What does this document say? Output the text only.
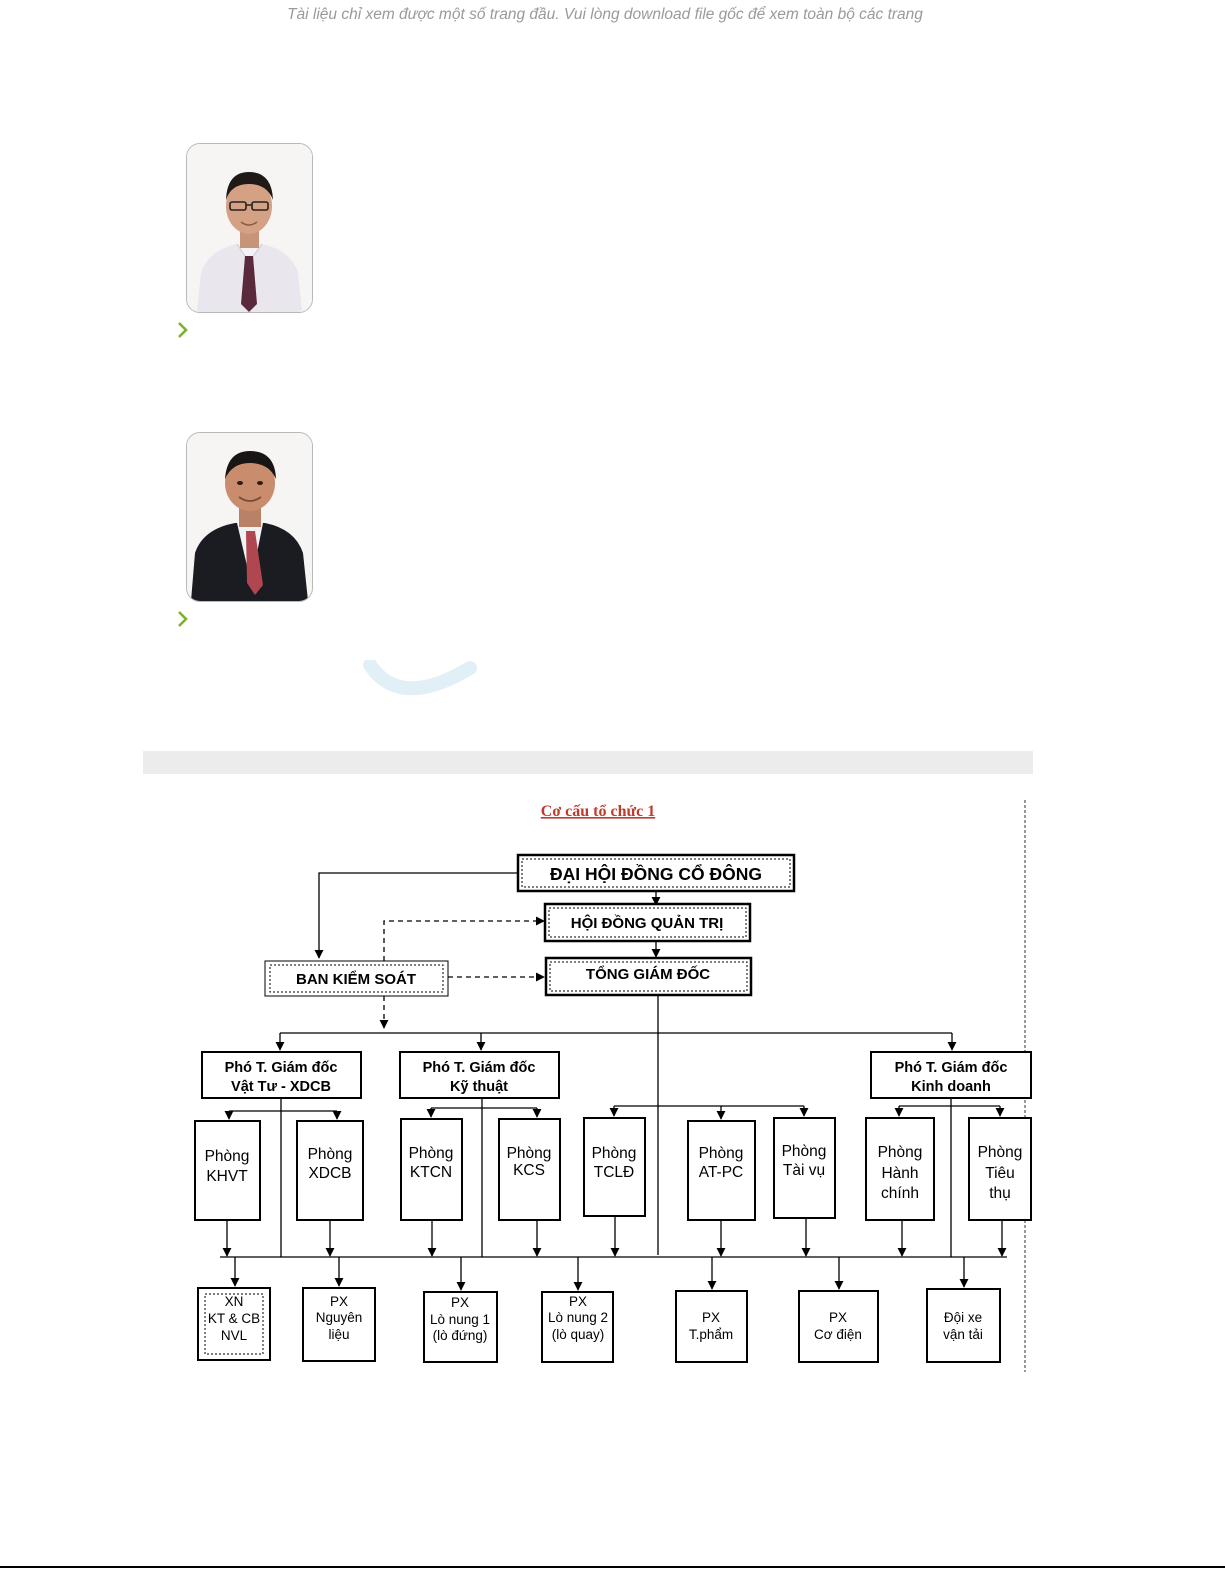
Tài liệu chỉ xem được một số trang đầu. Vui lòng download file gốc để xem toàn bộ các trang
Cơ cấu tổ chức 1
ĐẠI HỘI ĐỒNG CỔ ĐÔNG
HỘI ĐỒNG QUẢN TRỊ
TỔNG GIÁM ĐỐC
BAN KIỂM SOÁT
Phó T. Giám đốc
Vật Tư - XDCB
Phó T. Giám đốc
Kỹ thuật
Phó T. Giám đốc
Kinh doanh
Phòng
KHVT
Phòng
XDCB
Phòng
KTCN
Phòng
KCS
Phòng
TCLĐ
Phòng
AT-PC
Phòng
Tài vụ
Phòng
Hành
chính
Phòng
Tiêu
thụ
XN
KT & CB
NVL
PX
Nguyên
liệu
PX
Lò nung 1
(lò đứng)
PX
Lò nung 2
(lò quay)
PX
T.phẩm
PX
Cơ điện
Đội xe
vận tải
